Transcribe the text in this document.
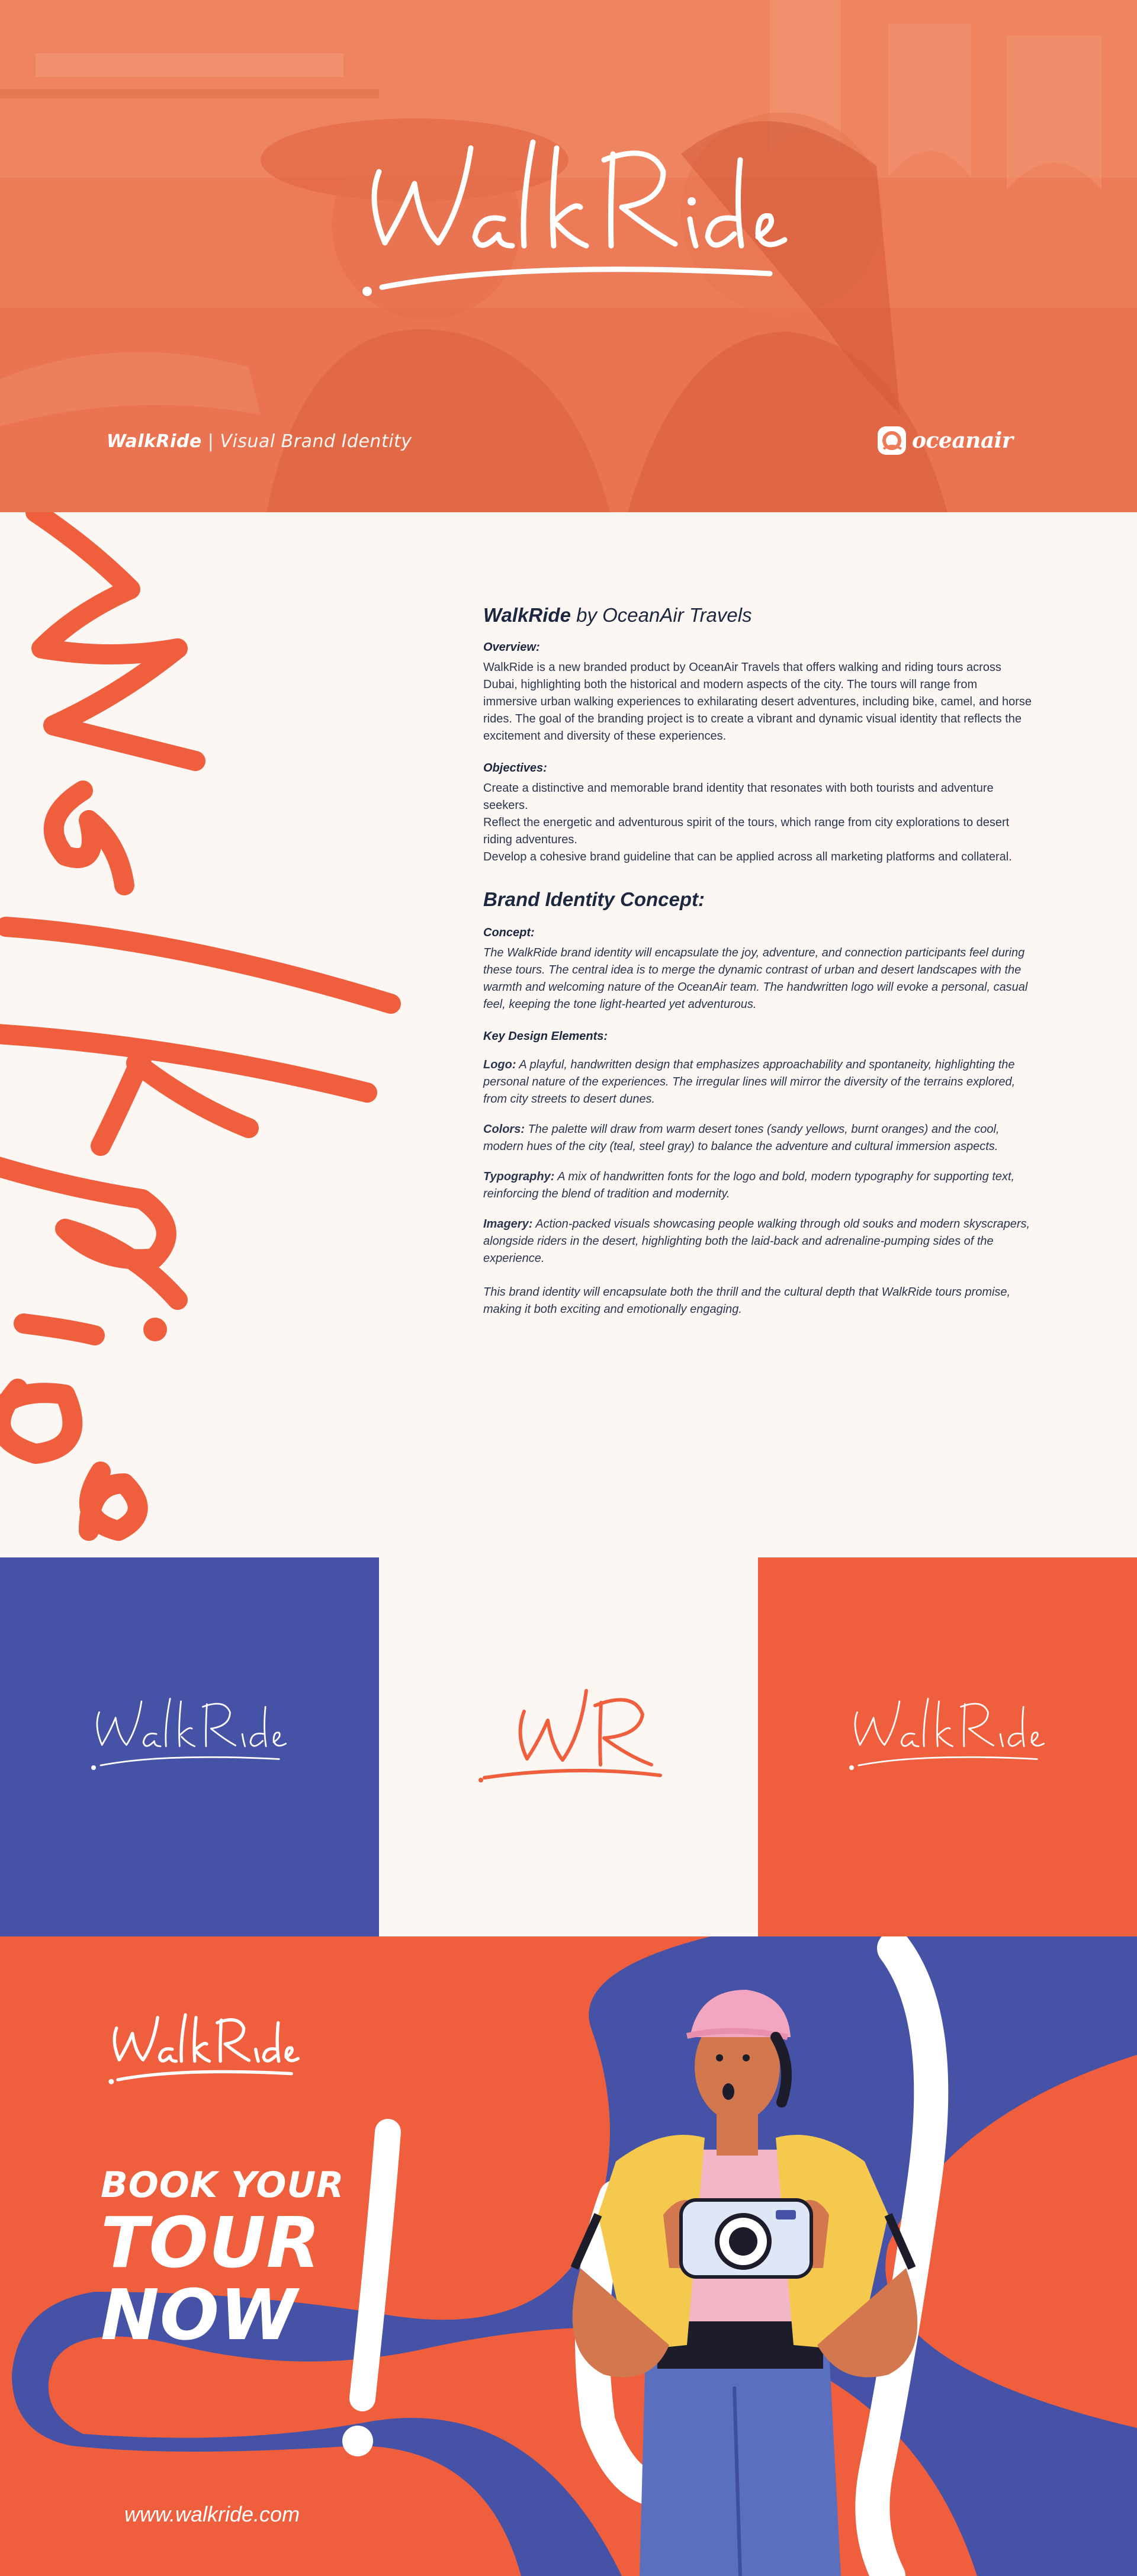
WalkRide | Visual Brand Identity	oceanair
WalkRide by OceanAir Travels
Overview:

WalkRide is a new branded product by OceanAir Travels that offers walking and riding tours across Dubai, highlighting both the historical and modern aspects of the city. The tours will range from immersive urban walking experiences to exhilarating desert adventures, including bike, camel, and horse rides. The goal of the branding project is to create a vibrant and dynamic visual identity that reflects the excitement and diversity of these experiences.

Objectives:

Create a distinctive and memorable brand identity that resonates with both tourists and adventure seekers.

Reflect the energetic and adventurous spirit of the tours, which range from city explorations to desert riding adventures.

Develop a cohesive brand guideline that can be applied across all marketing platforms and collateral.

Brand Identity Concept:
Concept:

The WalkRide brand identity will encapsulate the joy, adventure, and connection participants feel during these tours. The central idea is to merge the dynamic contrast of urban and desert landscapes with the warmth and welcoming nature of the OceanAir team. The handwritten logo will evoke a personal, casual feel, keeping the tone light-hearted yet adventurous.

Key Design Elements:
Logo: A playful, handwritten design that emphasizes approachability and spontaneity, highlighting the personal nature of the experiences. The irregular lines will mirror the diversity of the terrains explored, from city streets to desert dunes.
Colors: The palette will draw from warm desert tones (sandy yellows, burnt oranges) and the cool, modern hues of the city (teal, steel gray) to balance the adventure and cultural immersion aspects.
Typography: A mix of handwritten fonts for the logo and bold, modern typography for supporting text, reinforcing the blend of tradition and modernity.
Imagery: Action-packed visuals showcasing people walking through old souks and modern skyscrapers, alongside riders in the desert, highlighting both the laid-back and adrenaline-pumping sides of the experience.
This brand identity will encapsulate both the thrill and the cultural depth that WalkRide tours promise, making it both exciting and emotionally engaging.
BOOK YOUR
TOUR
NOW
www.walkride.com
